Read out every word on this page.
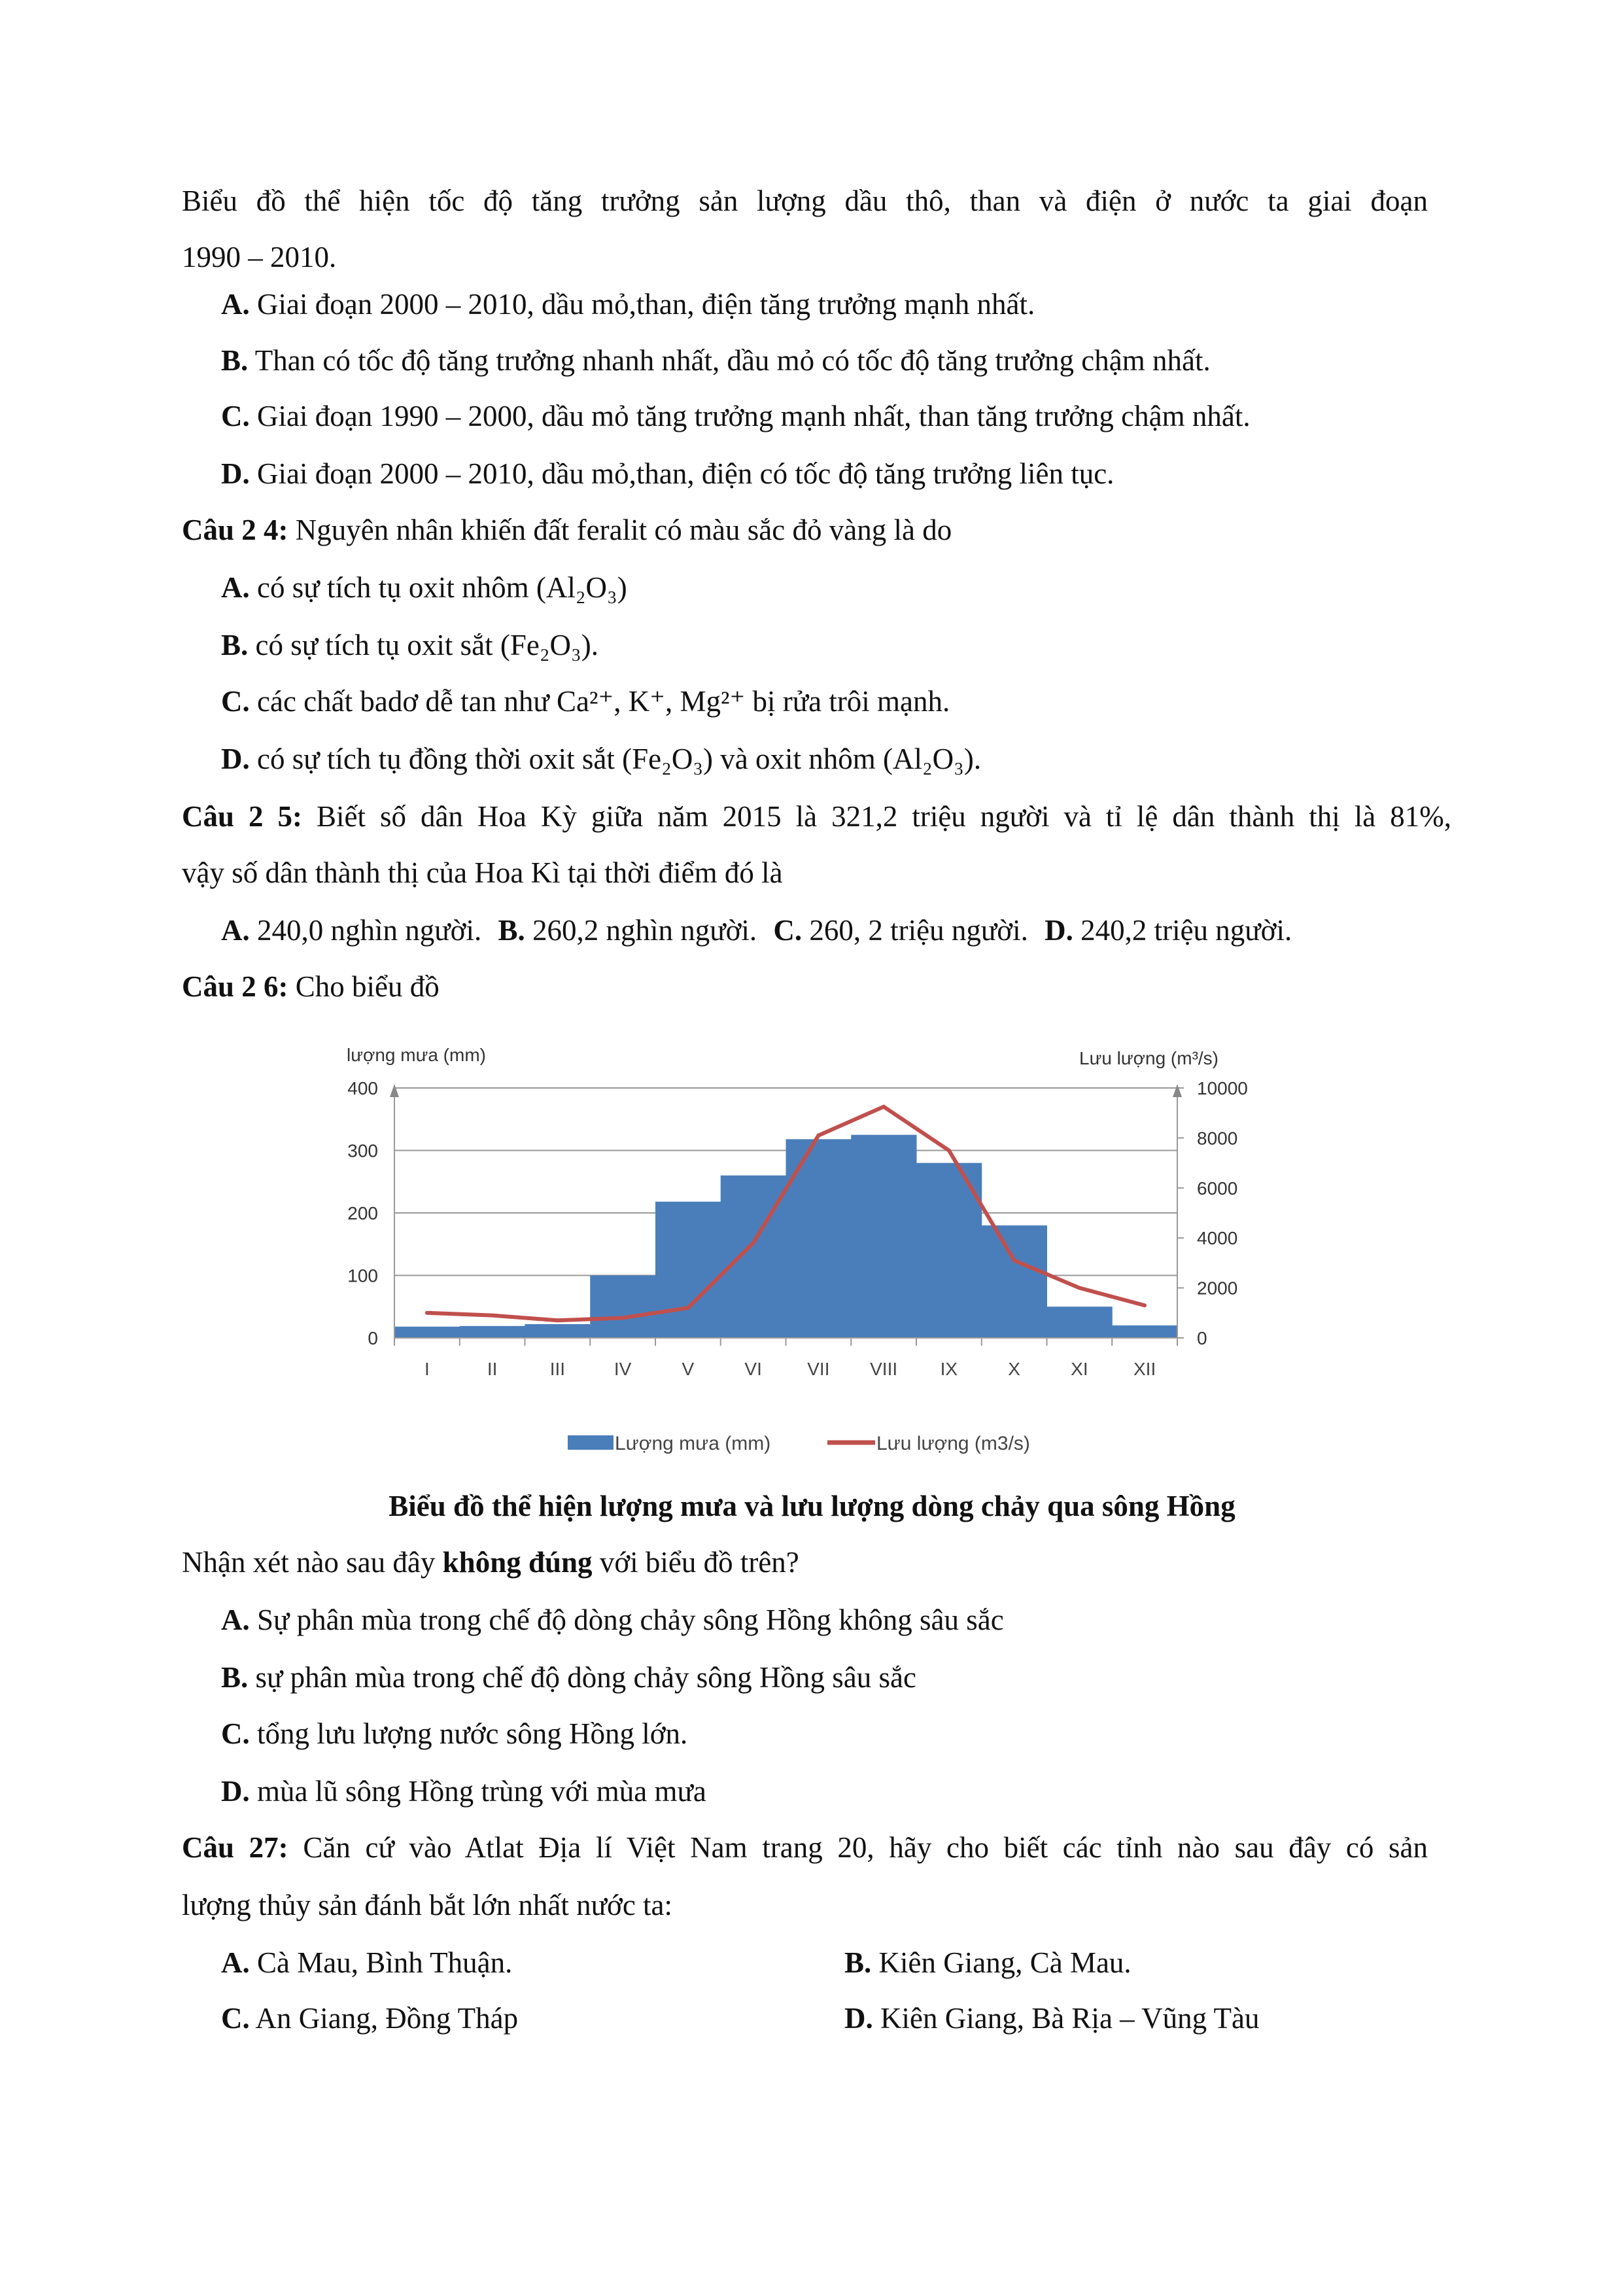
Biểu đồ thể hiện tốc độ tăng trưởng sản lượng dầu thô, than và điện ở nước ta giai đoạn
1990 – 2010.
A. Giai đoạn 2000 – 2010, dầu mỏ,than, điện tăng trưởng mạnh nhất.
B. Than có tốc độ tăng trưởng nhanh nhất, dầu mỏ có tốc độ tăng trưởng chậm nhất.
C. Giai đoạn 1990 – 2000, dầu mỏ tăng trưởng mạnh nhất, than tăng trưởng chậm nhất.
D. Giai đoạn 2000 – 2010, dầu mỏ,than, điện có tốc độ tăng trưởng liên tục.
Câu 2 4: Nguyên nhân khiến đất feralit có màu sắc đỏ vàng là do
A. có sự tích tụ oxit nhôm (Al₂O₃)
B. có sự tích tụ oxit sắt (Fe₂O₃).
C. các chất badơ dễ tan như Ca²⁺, K⁺, Mg²⁺ bị rửa trôi mạnh.
D. có sự tích tụ đồng thời oxit sắt (Fe₂O₃) và oxit nhôm (Al₂O₃).
Câu 2 5: Biết số dân Hoa Kỳ giữa năm 2015 là 321,2 triệu người và tỉ lệ dân thành thị là 81%,
vậy số dân thành thị của Hoa Kì tại thời điểm đó là
A. 240,0 nghìn người. B. 260,2 nghìn người. C. 260, 2 triệu người. D. 240,2 triệu người.
Câu 2 6: Cho biểu đồ
0
100
200
300
400
0
2000
4000
6000
8000
10000
I	II	III	IV	V	VI VII VIII IX	X	XI XII
lượng mưa (mm)	Lưu lượng (m³/s)
Lượng mưa (mm)	Lưu lượng (m3/s)
Biểu đồ thể hiện lượng mưa và lưu lượng dòng chảy qua sông Hồng
Nhận xét nào sau đây không đúng với biểu đồ trên?
A. Sự phân mùa trong chế độ dòng chảy sông Hồng không sâu sắc
B. sự phân mùa trong chế độ dòng chảy sông Hồng sâu sắc
C. tổng lưu lượng nước sông Hồng lớn.
D. mùa lũ sông Hồng trùng với mùa mưa
Câu 27: Căn cứ vào Atlat Địa lí Việt Nam trang 20, hãy cho biết các tỉnh nào sau đây có sản
lượng thủy sản đánh bắt lớn nhất nước ta:
A. Cà Mau, Bình Thuận.	B. Kiên Giang, Cà Mau.
C. An Giang, Đồng Tháp	D. Kiên Giang, Bà Rịa – Vũng Tàu
